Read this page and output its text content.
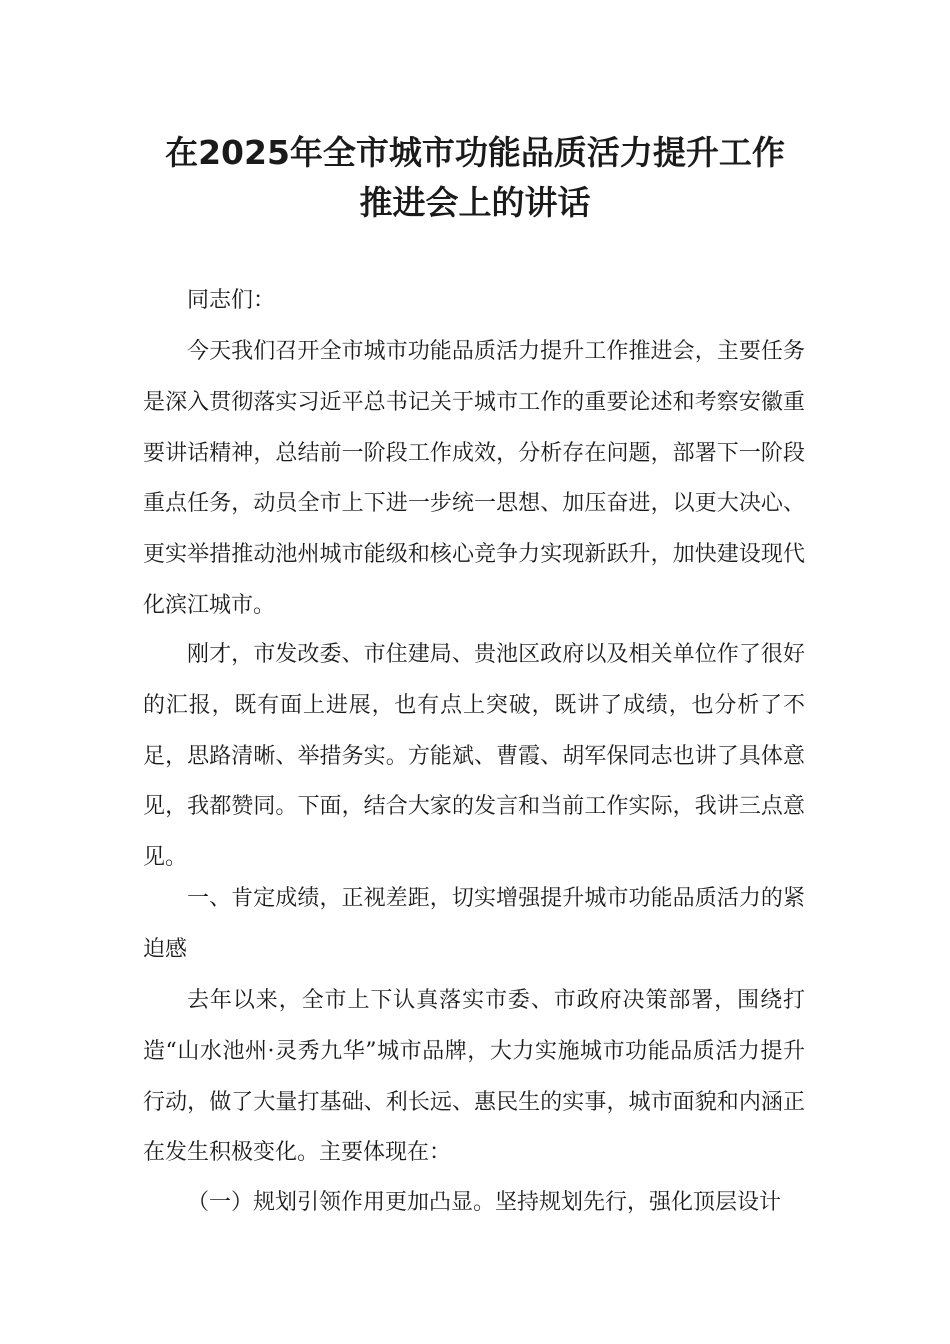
在2025年全市城市功能品质活力提升工作
推进会上的讲话

同志们：

今天我们召开全市城市功能品质活力提升工作推进会，主要任务是深入贯彻落实习近平总书记关于城市工作的重要论述和考察安徽重要讲话精神，总结前一阶段工作成效，分析存在问题，部署下一阶段重点任务，动员全市上下进一步统一思想、加压奋进，以更大决心、更实举措推动池州城市能级和核心竞争力实现新跃升，加快建设现代化滨江城市。

刚才，市发改委、市住建局、贵池区政府以及相关单位作了很好的汇报，既有面上进展，也有点上突破，既讲了成绩，也分析了不足，思路清晰、举措务实。方能斌、曹霞、胡军保同志也讲了具体意见，我都赞同。下面，结合大家的发言和当前工作实际，我讲三点意见。

一、肯定成绩，正视差距，切实增强提升城市功能品质活力的紧迫感

去年以来，全市上下认真落实市委、市政府决策部署，围绕打造“山水池州·灵秀九华”城市品牌，大力实施城市功能品质活力提升行动，做了大量打基础、利长远、惠民生的实事，城市面貌和内涵正在发生积极变化。主要体现在：

（一）规划引领作用更加凸显。坚持规划先行，强化顶层设计
